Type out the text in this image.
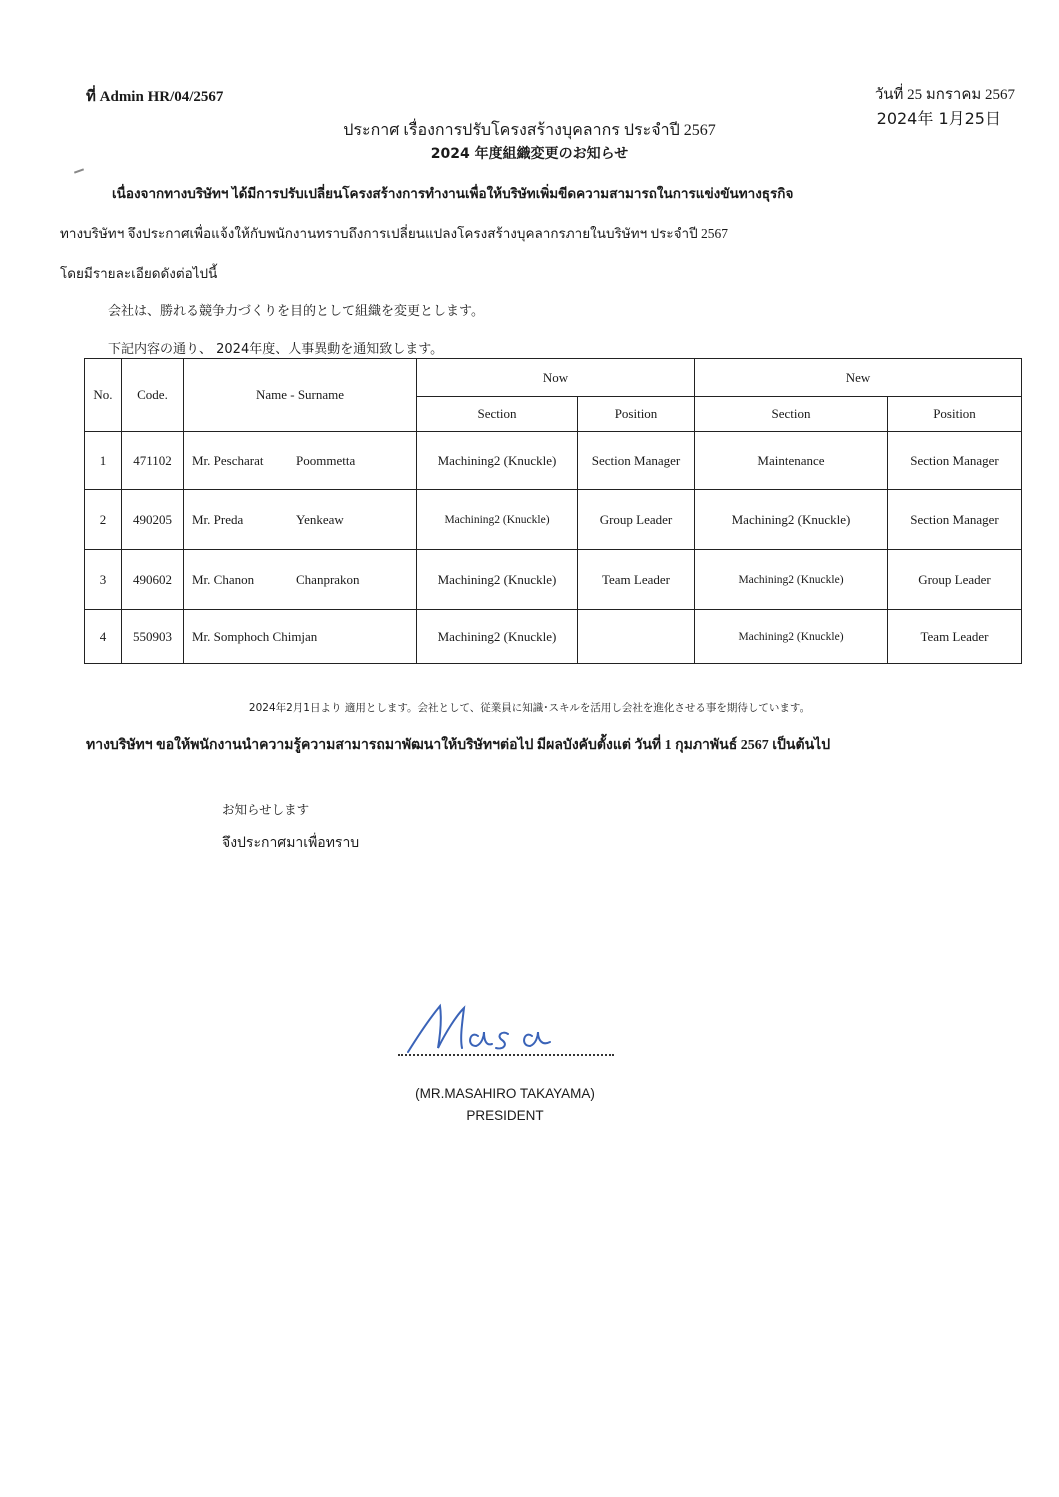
ที่ Admin HR/04/2567	วันที่ 25 มกราคม 2567
2024年 1月25日
ประกาศ เรื่องการปรับโครงสร้างบุคลากร ประจำปี 2567
2024 年度組織変更のお知らせ
เนื่องจากทางบริษัทฯ ได้มีการปรับเปลี่ยนโครงสร้างการทำงานเพื่อให้บริษัทเพิ่มขีดความสามารถในการแข่งขันทางธุรกิจ
ทางบริษัทฯ จึงประกาศเพื่อแจ้งให้กับพนักงานทราบถึงการเปลี่ยนแปลงโครงสร้างบุคลากรภายในบริษัทฯ ประจำปี 2567
โดยมีรายละเอียดดังต่อไปนี้
会社は、勝れる競争力づくりを目的として組織を変更とします。
下記内容の通り、 2024年度、人事異動を通知致します。
No.	Code.	Name - Surname	Now		New	
			Section	Position	Section	Position
1	471102	Mr. Pescharat Poommetta	Machining2 (Knuckle)	Section Manager	Maintenance	Section Manager
2	490205	Mr. Preda Yenkeaw	Machining2 (Knuckle)	Group Leader	Machining2 (Knuckle)	Section Manager
3	490602	Mr. Chanon Chanprakon	Machining2 (Knuckle)	Team Leader	Machining2 (Knuckle)	Group Leader
4	550903	Mr. Somphoch Chimjan	Machining2 (Knuckle)		Machining2 (Knuckle)	Team Leader
2024年2月1日より 適用とします。会社として、従業員に知識･スキルを活用し会社を進化させる事を期待しています。
ทางบริษัทฯ ขอให้พนักงานนำความรู้ความสามารถมาพัฒนาให้บริษัทฯต่อไป มีผลบังคับตั้งแต่ วันที่ 1 กุมภาพันธ์ 2567 เป็นต้นไป
お知らせします
จึงประกาศมาเพื่อทราบ
(MR.MASAHIRO TAKAYAMA)
PRESIDENT
